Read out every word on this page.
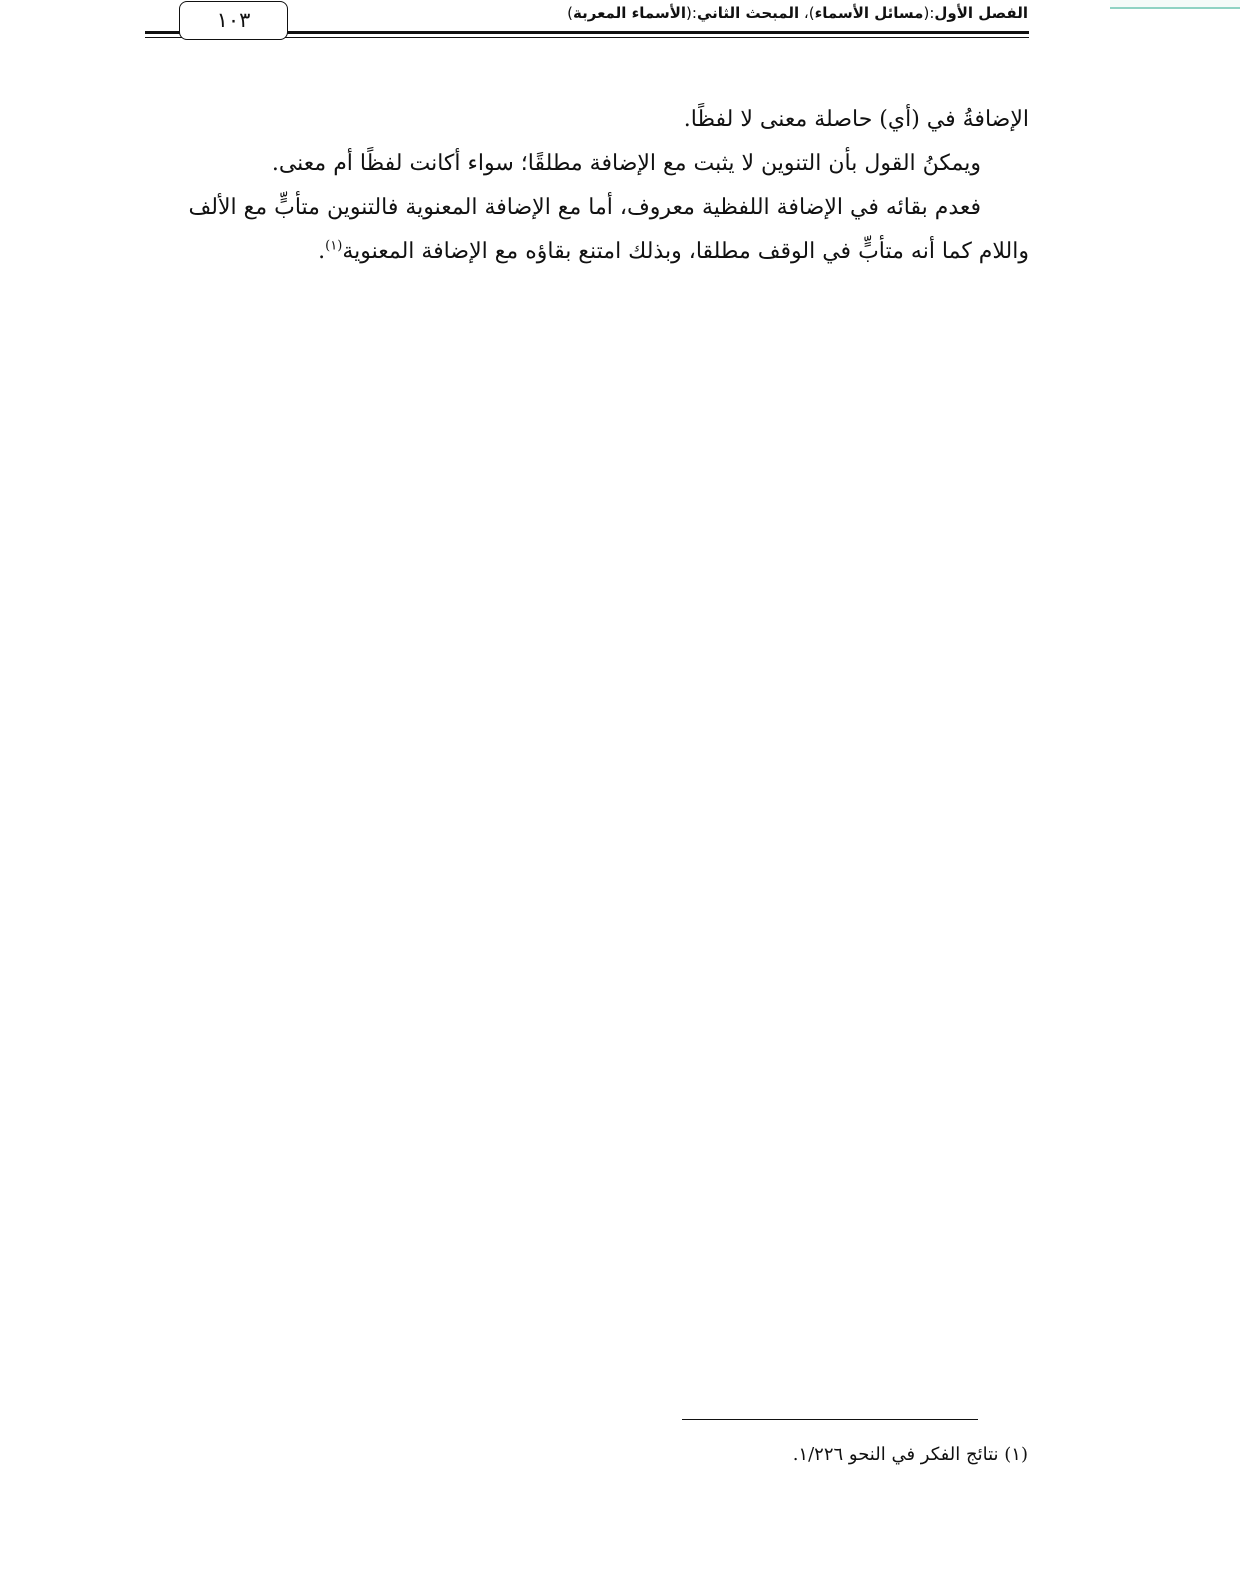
الفصل الأول:(مسائل الأسماء)، المبحث الثاني:(الأسماء المعربة)
١٠٣

الإضافةُ في (أي) حاصلة معنى لا لفظًا.

ويمكنُ القول بأن التنوين لا يثبت مع الإضافة مطلقًا؛ سواء أكانت لفظًا أم معنى.

فعدم بقائه في الإضافة اللفظية معروف، أما مع الإضافة المعنوية فالتنوين متأبٍّ مع الألف واللام كما أنه متأبٍّ في الوقف مطلقا، وبذلك امتنع بقاؤه مع الإضافة المعنوية$^{(١)}$.

(١) نتائج الفكر في النحو ١/٢٢٦.
